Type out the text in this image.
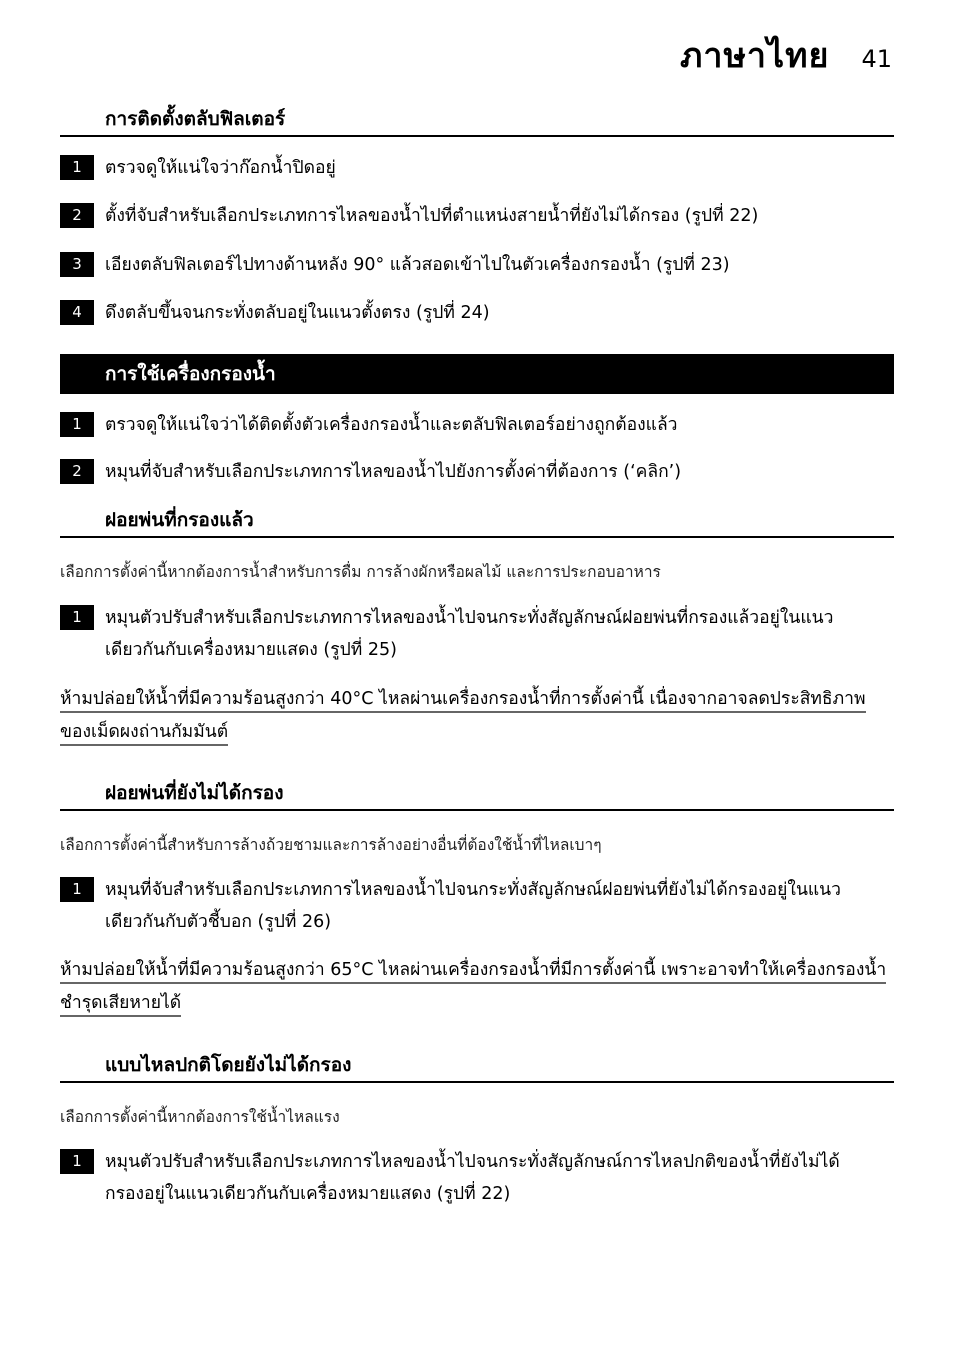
ภาษาไทย 41
การติดตั้งตลับฟิลเตอร์
1	ตรวจดูให้แน่ใจว่าก๊อกน้ำปิดอยู่
2	ตั้งที่จับสำหรับเลือกประเภทการไหลของน้ำไปที่ตำแหน่งสายน้ำที่ยังไม่ได้กรอง (รูปที่ 22)
3	เอียงตลับฟิลเตอร์ไปทางด้านหลัง 90° แล้วสอดเข้าไปในตัวเครื่องกรองน้ำ (รูปที่ 23)
4	ดึงตลับขึ้นจนกระทั่งตลับอยู่ในแนวตั้งตรง (รูปที่ 24)
การใช้เครื่องกรองน้ำ
1	ตรวจดูให้แน่ใจว่าได้ติดตั้งตัวเครื่องกรองน้ำและตลับฟิลเตอร์อย่างถูกต้องแล้ว
2	หมุนที่จับสำหรับเลือกประเภทการไหลของน้ำไปยังการตั้งค่าที่ต้องการ (‘คลิก’)
ฝอยพ่นที่กรองแล้ว
เลือกการตั้งค่านี้หากต้องการน้ำสำหรับการดื่ม การล้างผักหรือผลไม้ และการประกอบอาหาร
1	หมุนตัวปรับสำหรับเลือกประเภทการไหลของน้ำไปจนกระทั่งสัญลักษณ์ฝอยพ่นที่กรองแล้วอยู่ในแนว
เดียวกันกับเครื่องหมายแสดง (รูปที่ 25)
ห้ามปล่อยให้น้ำที่มีความร้อนสูงกว่า 40°C ไหลผ่านเครื่องกรองน้ำที่การตั้งค่านี้ เนื่องจากอาจลดประสิทธิภาพ
ของเม็ดผงถ่านกัมมันต์
ฝอยพ่นที่ยังไม่ได้กรอง
เลือกการตั้งค่านี้สำหรับการล้างถ้วยชามและการล้างอย่างอื่นที่ต้องใช้น้ำที่ไหลเบาๆ
1	หมุนที่จับสำหรับเลือกประเภทการไหลของน้ำไปจนกระทั่งสัญลักษณ์ฝอยพ่นที่ยังไม่ได้กรองอยู่ในแนว
เดียวกันกับตัวชี้บอก (รูปที่ 26)
ห้ามปล่อยให้น้ำที่มีความร้อนสูงกว่า 65°C ไหลผ่านเครื่องกรองน้ำที่มีการตั้งค่านี้ เพราะอาจทำให้เครื่องกรองน้ำ
ชำรุดเสียหายได้
แบบไหลปกติโดยยังไม่ได้กรอง
เลือกการตั้งค่านี้หากต้องการใช้น้ำไหลแรง
1	หมุนตัวปรับสำหรับเลือกประเภทการไหลของน้ำไปจนกระทั่งสัญลักษณ์การไหลปกติของน้ำที่ยังไม่ได้
กรองอยู่ในแนวเดียวกันกับเครื่องหมายแสดง (รูปที่ 22)
